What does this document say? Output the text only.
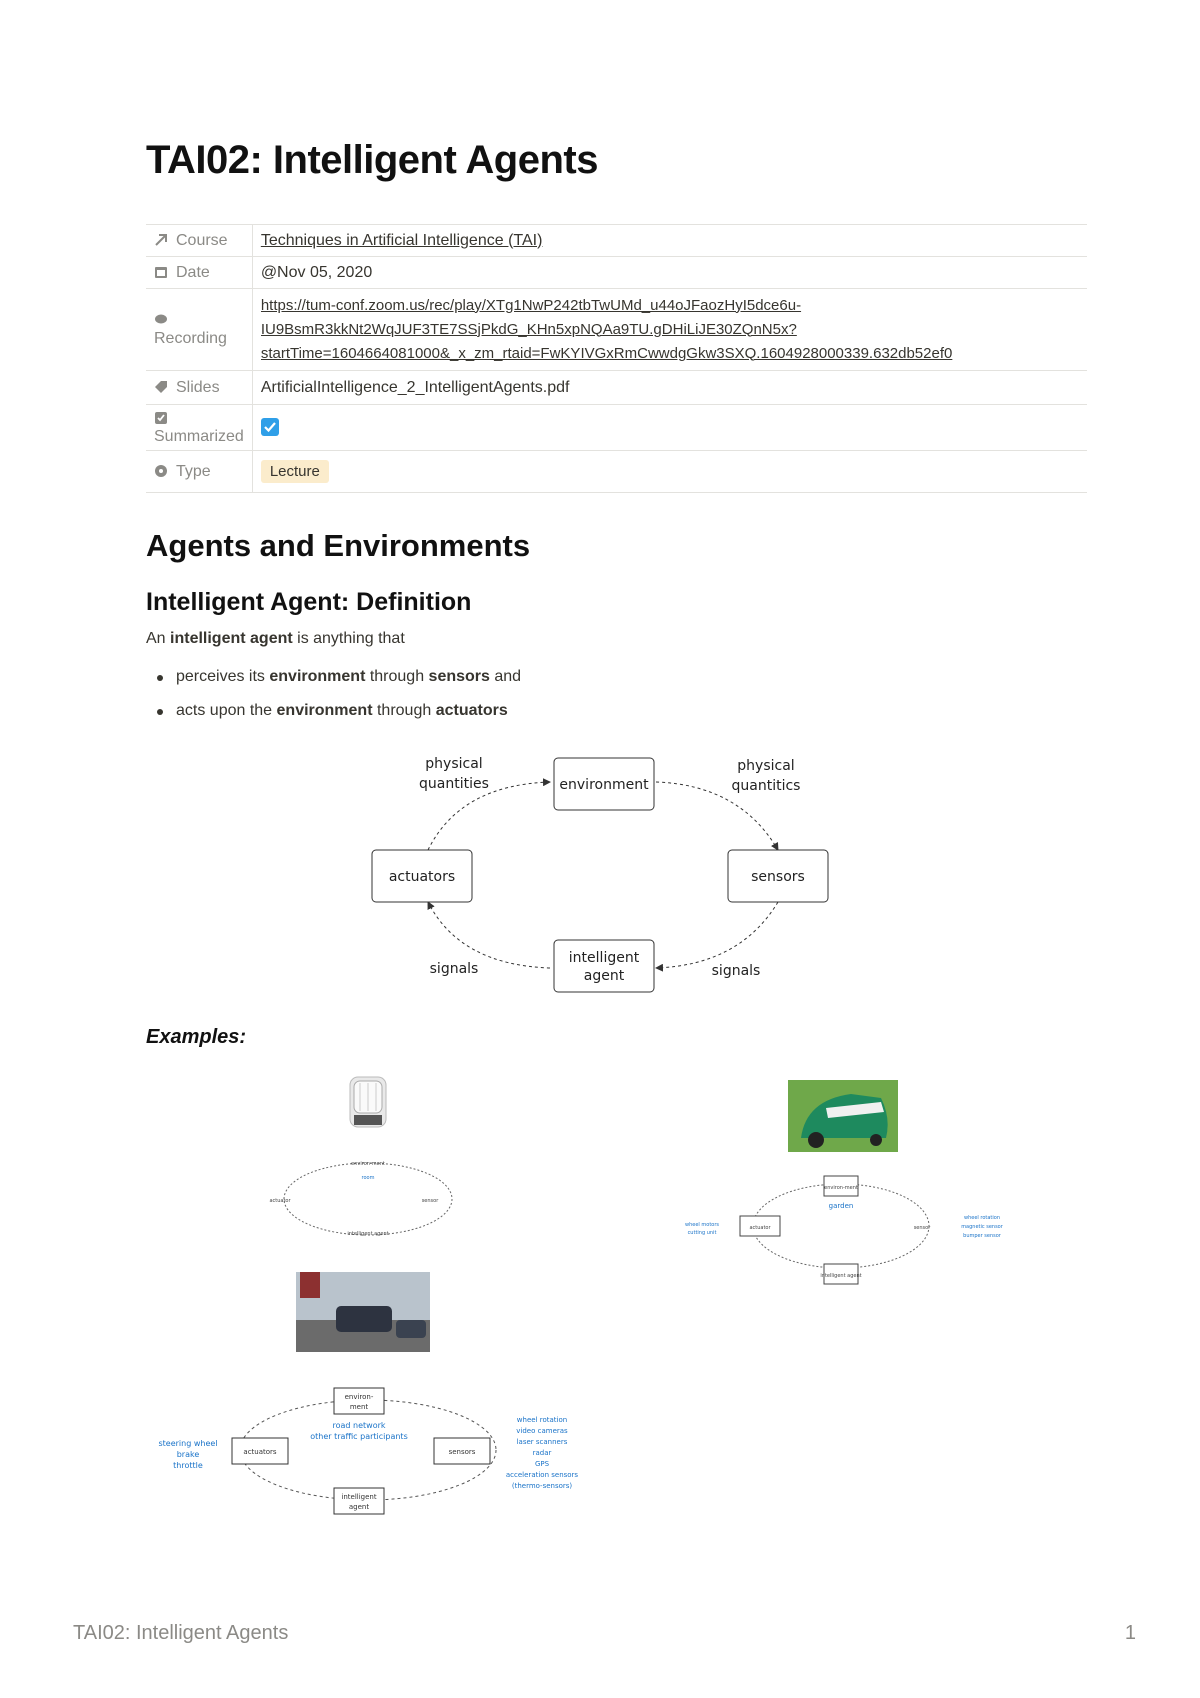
TAI02: Intelligent Agents
Course	Techniques in Artificial Intelligence (TAI)
Date	@Nov 05, 2020

Recording	https://tum-conf.zoom.us/rec/play/XTg1NwP242tbTwUMd_u44oJFaozHyI5dce6u-
IU9BsmR3kkNt2WqJUF3TE7SSjPkdG_KHn5xpNQAa9TU.gDHiLiJE30ZQnN5x?
startTime=1604664081000&_x_zm_rtaid=FwKYIVGxRmCwwdgGkw3SXQ.1604928000339.632db52ef0

Slides	ArtificialIntelligence_2_IntelligentAgents.pdf

Summarized	
Type	Lecture
Agents and Environments
Intelligent Agent: Definition

An intelligent agent is anything that

perceives its environment through sensors and
acts upon the environment through actuators
environment
actuators	sensors
intelligent
agent
physical
quantities
physical
quantitics
signals	signals

Examples:

environ-ment
room
actuator	sensor
intelligent agent
environ-ment
garden
actuator	sensor
intelligent agent
wheel motors
cutting unit
wheel rotation
magnetic sensor
bumper sensor
environ-
ment
road network
other traffic participants
actuators	sensors
intelligent
agent
steering wheel
brake
throttle
wheel rotation
video cameras
laser scanners
radar
GPS
acceleration sensors
(thermo-sensors)
TAI02: Intelligent Agents	1
